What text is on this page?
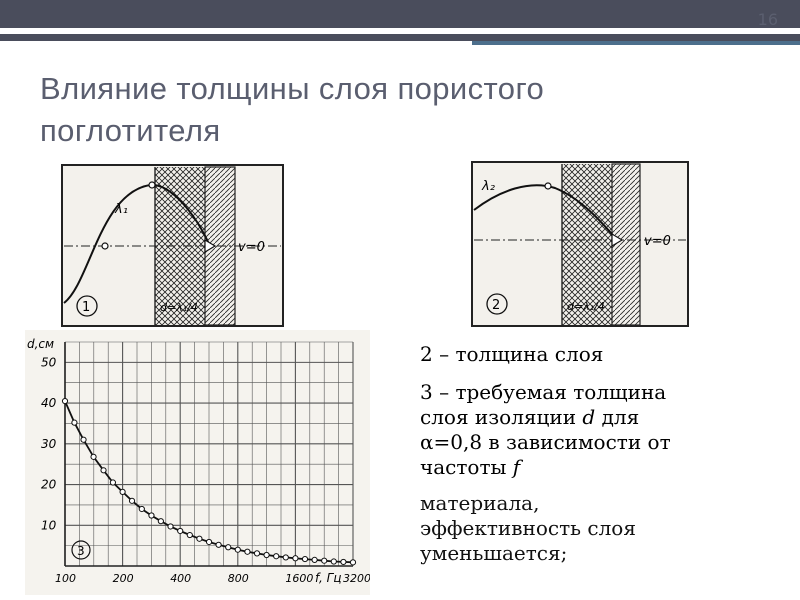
16
Влияние толщины слоя пористого
поглотителя
λ₁
v=0
d=λ₁/4
1
λ₂
v=0
d=λ₁/4
2
10
20
30
40
50
100	200	400	800	1600	3200
d,см
f, Гц
3
2 – толщина слоя
3 – требуемая толщина
слоя изоляции d для
α=0,8 в зависимости от
частоты f
материала,
эффективность слоя
уменьшается;
